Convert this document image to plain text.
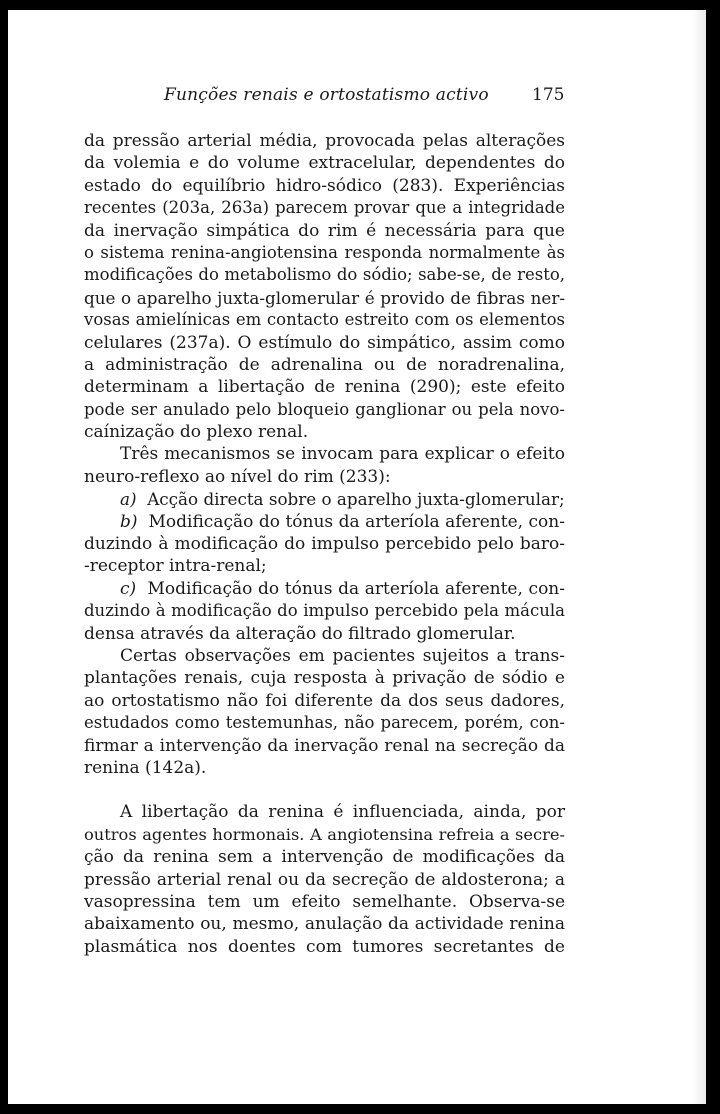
Funções renais e ortostatismo activo	175
da pressão arterial média, provocada pelas alterações
da volemia e do volume extracelular, dependentes do
estado do equilíbrio hidro-sódico (283). Experiências
recentes (203a, 263a) parecem provar que a integridade
da inervação simpática do rim é necessária para que
o sistema renina-angiotensina responda normalmente às
modificações do metabolismo do sódio; sabe-se, de resto,
que o aparelho juxta-glomerular é provido de fibras ner-
vosas amielínicas em contacto estreito com os elementos
celulares (237a). O estímulo do simpático, assim como
a administração de adrenalina ou de noradrenalina,
determinam a libertação de renina (290); este efeito
pode ser anulado pelo bloqueio ganglionar ou pela novo-
caínização do plexo renal.
Três mecanismos se invocam para explicar o efeito
neuro-reflexo ao nível do rim (233):
a) Acção directa sobre o aparelho juxta-glomerular;
b) Modificação do tónus da arteríola aferente, con-
duzindo à modificação do impulso percebido pelo baro-
-receptor intra-renal;
c) Modificação do tónus da arteríola aferente, con-
duzindo à modificação do impulso percebido pela mácula
densa através da alteração do filtrado glomerular.
Certas observações em pacientes sujeitos a trans-
plantações renais, cuja resposta à privação de sódio e
ao ortostatismo não foi diferente da dos seus dadores,
estudados como testemunhas, não parecem, porém, con-
firmar a intervenção da inervação renal na secreção da
renina (142a).
A libertação da renina é influenciada, ainda, por
outros agentes hormonais. A angiotensina refreia a secre-
ção da renina sem a intervenção de modificações da
pressão arterial renal ou da secreção de aldosterona; a
vasopressina tem um efeito semelhante. Observa-se
abaixamento ou, mesmo, anulação da actividade renina
plasmática nos doentes com tumores secretantes de
